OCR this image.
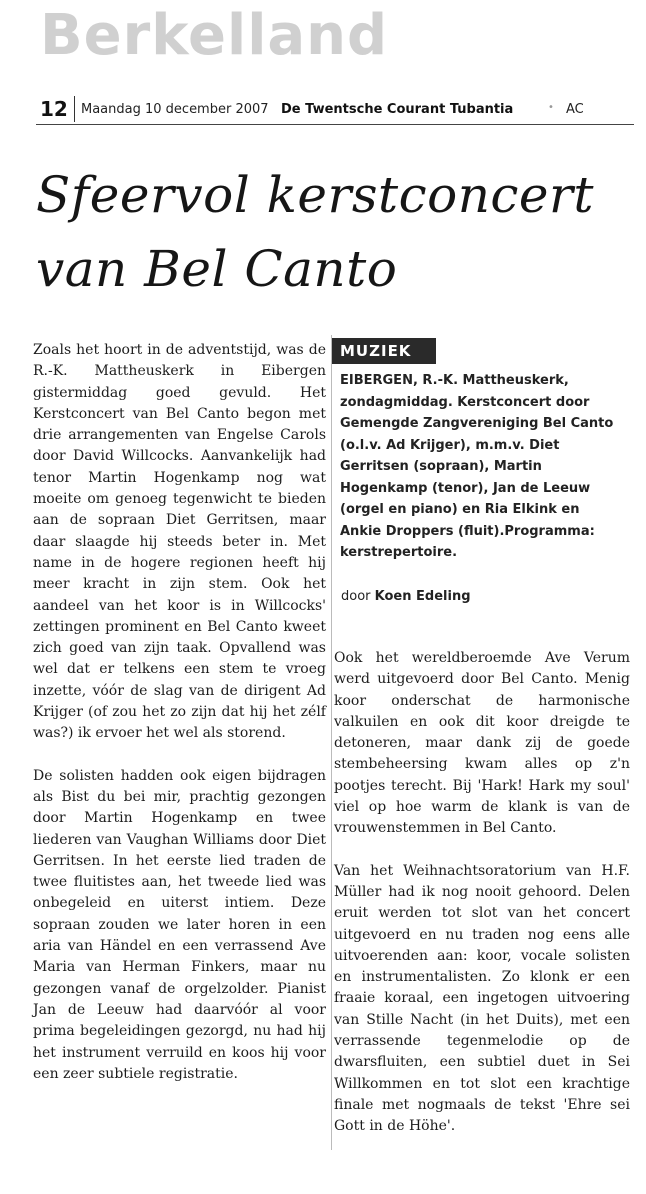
Berkelland
12	Maandag 10 december 2007 De Twentsche Courant Tubantia	• AC
Sfeervol kerstconcert
van Bel Canto

Zoals het hoort in de adventstijd, was de R.-K. Mattheuskerk in Eibergen gistermiddag goed gevuld. Het Kerstconcert van Bel Canto begon met drie arrangementen van Engelse Carols door David Willcocks. Aanvankelijk had tenor Martin Hogenkamp nog wat moeite om genoeg tegenwicht te bieden aan de sopraan Diet Gerritsen, maar daar slaagde hij steeds beter in. Met name in de hogere regionen heeft hij meer kracht in zijn stem. Ook het aandeel van het koor is in Willcocks' zettingen prominent en Bel Canto kweet zich goed van zijn taak. Opvallend was wel dat er telkens een stem te vroeg inzette, vóór de slag van de dirigent Ad Krijger (of zou het zo zijn dat hij het zélf was?) ik ervoer het wel als storend.

De solisten hadden ook eigen bijdragen als Bist du bei mir, prachtig gezongen door Martin Hogenkamp en twee liederen van Vaughan Williams door Diet Gerritsen. In het eerste lied traden de twee fluitistes aan, het tweede lied was onbegeleid en uiterst intiem. Deze sopraan zouden we later horen in een aria van Händel en een verrassend Ave Maria van Herman Finkers, maar nu gezongen vanaf de orgelzolder. Pianist Jan de Leeuw had daarvóór al voor prima begeleidingen gezorgd, nu had hij het instrument verruild en koos hij voor een zeer subtiele registratie.

MUZIEK

EIBERGEN, R.-K. Mattheuskerk, zondagmiddag. Kerstconcert door Gemengde Zangvereniging Bel Canto (o.l.v. Ad Krijger), m.m.v. Diet Gerritsen (sopraan), Martin Hogenkamp (tenor), Jan de Leeuw (orgel en piano) en Ria Elkink en Ankie Droppers (fluit).Programma: kerstrepertoire.

door Koen Edeling

Ook het wereldberoemde Ave Verum werd uitgevoerd door Bel Canto. Menig koor onderschat de harmonische valkuilen en ook dit koor dreigde te detoneren, maar dank zij de goede stembeheersing kwam alles op z'n pootjes terecht. Bij 'Hark! Hark my soul' viel op hoe warm de klank is van de vrouwenstemmen in Bel Canto.

Van het Weihnachtsoratorium van H.F. Müller had ik nog nooit gehoord. Delen eruit werden tot slot van het concert uitgevoerd en nu traden nog eens alle uitvoerenden aan: koor, vocale solisten en instrumentalisten. Zo klonk er een fraaie koraal, een ingetogen uitvoering van Stille Nacht (in het Duits), met een verrassende tegenmelodie op de dwarsfluiten, een subtiel duet in Sei Willkommen en tot slot een krachtige finale met nogmaals de tekst 'Ehre sei Gott in de Höhe'.
